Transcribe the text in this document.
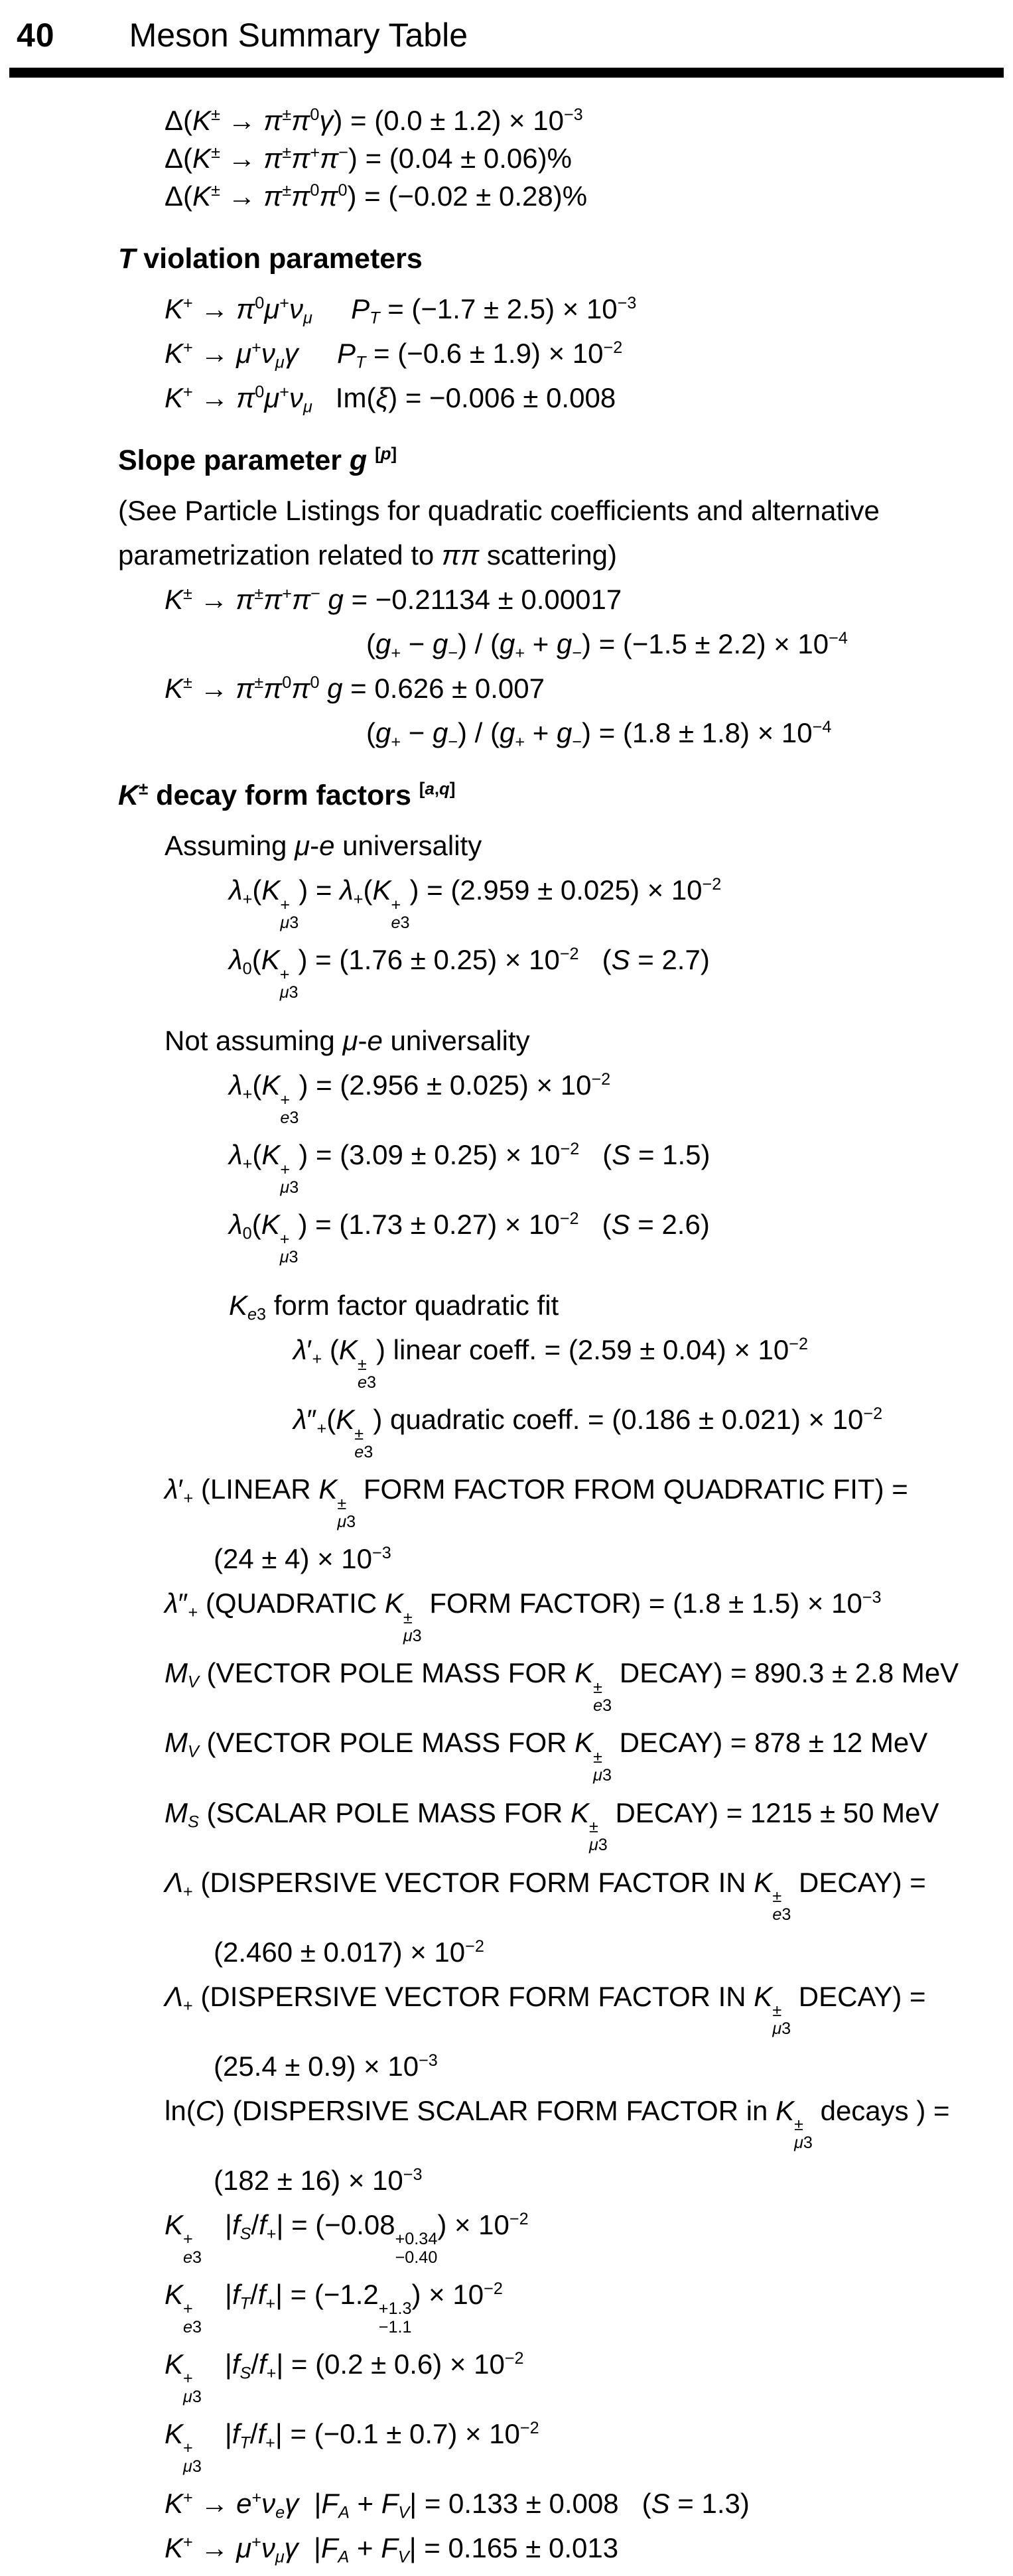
40 Meson Summary Table
$\Delta(K^\pm \to \pi^\pm\pi^0\gamma) = (0.0 \pm 1.2) \times 10^{-3}$
Δ(K± → π±π+π−) = (0.04 ± 0.06)%
$\Delta(K^\pm \to \pi^\pm\pi^0\pi^0) = (-0.02 \pm 0.28)\%$
T violation parameters
$K^+ \to \pi^0\mu^+\nu_\mu$ $P_T = (-1.7 \pm 2.5) \times 10^{-3}$
$K^+ \to \mu^+\nu_\mu\gamma$ $P_T = (-0.6 \pm 1.9) \times 10^{-2}$
$K^+ \to \pi^0\mu^+\nu_\mu$   Im(ξ) = −0.006 ± 0.008
Slope parameter g [p]
(See Particle Listings for quadratic coefficients and alternative
parametrization related to ππ scattering)
K± → π±π+π− g = −0.21134 ± 0.00017
$(g_+ - g_-) / (g_+ + g_-) = (-1.5 \pm 2.2) \times 10^{-4}$
$K^\pm \to \pi^\pm\pi^0\pi^0$ g = 0.626 ± 0.007
$(g_+ - g_-) / (g_+ + g_-) = (1.8 \pm 1.8) \times 10^{-4}$
K± decay form factors [a,q]
Assuming μ-e universality
$\lambda_+(K$ +
μ3
) = $\lambda_+(K$ +
e3
) = $(2.959 \pm 0.025) \times 10^{-2}$
$\lambda_0(K$ +
μ3
) = $(1.76 \pm 0.25) \times 10^{-2}$   (S = 2.7)
Not assuming μ-e universality
$\lambda_+(K$ +
e3
) = $(2.956 \pm 0.025) \times 10^{-2}$
$\lambda_+(K$ +
μ3
) = $(3.09 \pm 0.25) \times 10^{-2}$   (S = 1.5)
$\lambda_0(K$ +
μ3
) = $(1.73 \pm 0.27) \times 10^{-2}$   (S = 2.6)
$K_{e3}$ form factor quadratic fit
$\lambda'_+$ (K ±
e3
) linear coeff. = $(2.59 \pm 0.04) \times 10^{-2}$
$\lambda''_+(K$ ±
e3
) quadratic coeff. = $(0.186 \pm 0.021) \times 10^{-2}$
$\lambda'_+$ (LINEAR K ±
μ3
FORM FACTOR FROM QUADRATIC FIT) =
$(24 \pm 4) \times 10^{-3}$
$\lambda''_+$ (QUADRATIC K ±
μ3
FORM FACTOR) = $(1.8 \pm 1.5) \times 10^{-3}$
$M_V$ (VECTOR POLE MASS FOR K ±
e3
DECAY) = 890.3 ± 2.8 MeV
$M_V$ (VECTOR POLE MASS FOR K ±
μ3
DECAY) = 878 ± 12 MeV
$M_S$ (SCALAR POLE MASS FOR K ±
μ3
DECAY) = 1215 ± 50 MeV
$\Lambda_+$ (DISPERSIVE VECTOR FORM FACTOR IN K ±
e3
DECAY) =
$(2.460 \pm 0.017) \times 10^{-2}$
$\Lambda_+$ (DISPERSIVE VECTOR FORM FACTOR IN K ±
μ3
DECAY) =
$(25.4 \pm 0.9) \times 10^{-3}$
ln(C) (DISPERSIVE SCALAR FORM FACTOR in K ±
μ3
decays ) =
$(182 \pm 16) \times 10^{-3}$
K +
e3
$|f_S/f_+| = (-0.08 +0.34$
−0.40
) × $10^{-2}$
K +
e3
$|f_T/f_+| = (-1.2 +1.3$
−1.1
) × $10^{-2}$
K +
μ3
$|f_S/f_+| = (0.2 \pm 0.6) \times 10^{-2}$
K +
μ3
$|f_T/f_+| = (-0.1 \pm 0.7) \times 10^{-2}$
$K^+ \to e^+\nu_e\gamma$  $|F_A + F_V| = 0.133 \pm 0.008$   (S = 1.3)
$K^+ \to \mu^+\nu_\mu\gamma$  $|F_A + F_V| = 0.165 \pm 0.013$
